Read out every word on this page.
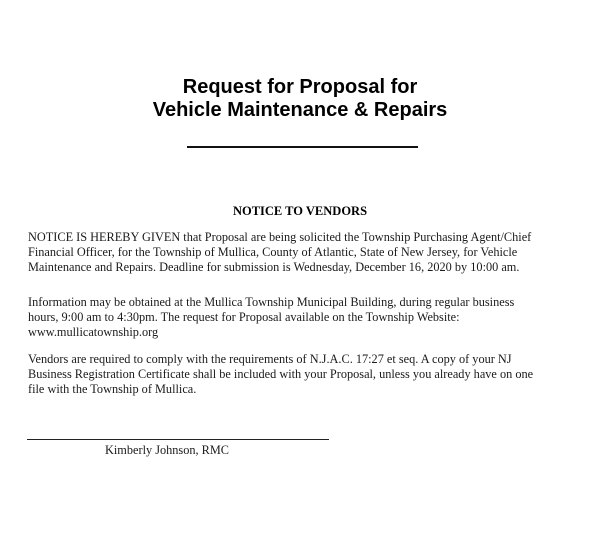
Request for Proposal for
Vehicle Maintenance & Repairs
NOTICE TO VENDORS

NOTICE IS HEREBY GIVEN that Proposal are being solicited the Township Purchasing Agent/Chief
Financial Officer, for the Township of Mullica, County of Atlantic, State of New Jersey, for Vehicle
Maintenance and Repairs. Deadline for submission is Wednesday, December 16, 2020 by 10:00 am.

Information may be obtained at the Mullica Township Municipal Building, during regular business
hours, 9:00 am to 4:30pm. The request for Proposal available on the Township Website:
www.mullicatownship.org

Vendors are required to comply with the requirements of N.J.A.C. 17:27 et seq. A copy of your NJ
Business Registration Certificate shall be included with your Proposal, unless you already have on one
file with the Township of Mullica.

Kimberly Johnson, RMC
